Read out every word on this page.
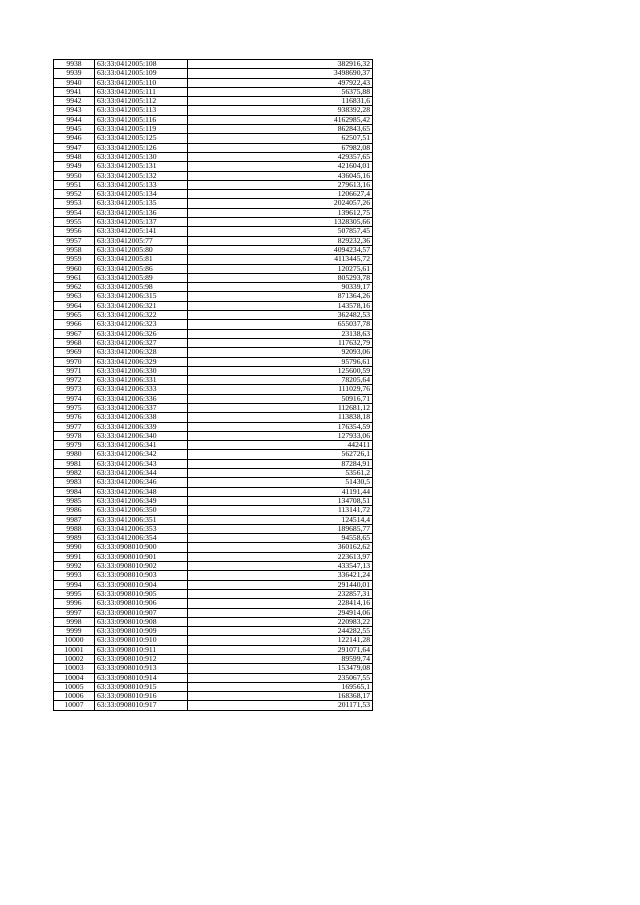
9938	63:33:0412005:108	382916,32
9939	63:33:0412005:109	3498690,37
9940	63:33:0412005:110	497922,43
9941	63:33:0412005:111	56375,88
9942	63:33:0412005:112	116831,6
9943	63:33:0412005:113	938392,28
9944	63:33:0412005:116	4162985,42
9945	63:33:0412005:119	862843,65
9946	63:33:0412005:125	62507,51
9947	63:33:0412005:126	67982,08
9948	63:33:0412005:130	429357,65
9949	63:33:0412005:131	421604,01
9950	63:33:0412005:132	436045,16
9951	63:33:0412005:133	279613,16
9952	63:33:0412005:134	1206627,4
9953	63:33:0412005:135	2024057,26
9954	63:33:0412005:136	139612,75
9955	63:33:0412005:137	1328305,66
9956	63:33:0412005:141	507857,45
9957	63:33:0412005:77	829232,36
9958	63:33:0412005:80	4094234,57
9959	63:33:0412005:81	4113445,72
9960	63:33:0412005:86	120275,61
9961	63:33:0412005:89	805293,78
9962	63:33:0412005:98	90339,17
9963	63:33:0412006:315	871364,26
9964	63:33:0412006:321	143578,16
9965	63:33:0412006:322	362482,53
9966	63:33:0412006:323	655037,78
9967	63:33:0412006:326	23138,63
9968	63:33:0412006:327	117632,79
9969	63:33:0412006:328	92093,06
9970	63:33:0412006:329	95796,61
9971	63:33:0412006:330	125600,59
9972	63:33:0412006:331	78205,64
9973	63:33:0412006:333	111029,76
9974	63:33:0412006:336	50916,71
9975	63:33:0412006:337	112681,12
9976	63:33:0412006:338	113838,18
9977	63:33:0412006:339	176354,59
9978	63:33:0412006:340	127933,06
9979	63:33:0412006:341	442411
9980	63:33:0412006:342	562726,1
9981	63:33:0412006:343	87284,91
9982	63:33:0412006:344	53561,2
9983	63:33:0412006:346	51430,5
9984	63:33:0412006:348	41191,44
9985	63:33:0412006:349	134708,51
9986	63:33:0412006:350	113141,72
9987	63:33:0412006:351	124514,4
9988	63:33:0412006:353	189685,77
9989	63:33:0412006:354	94558,65
9990	63:33:0908010:900	360162,62
9991	63:33:0908010:901	223613,97
9992	63:33:0908010:902	433547,13
9993	63:33:0908010:903	336421,24
9994	63:33:0908010:904	291440,01
9995	63:33:0908010:905	232857,31
9996	63:33:0908010:906	228414,16
9997	63:33:0908010:907	294914,06
9998	63:33:0908010:908	220983,22
9999	63:33:0908010:909	244282,55
10000	63:33:0908010:910	122141,28
10001	63:33:0908010:911	291071,64
10002	63:33:0908010:912	89599,74
10003	63:33:0908010:913	153479,08
10004	63:33:0908010:914	235067,55
10005	63:33:0908010:915	169565,1
10006	63:33:0908010:916	168368,17
10007	63:33:0908010:917	201171,53
